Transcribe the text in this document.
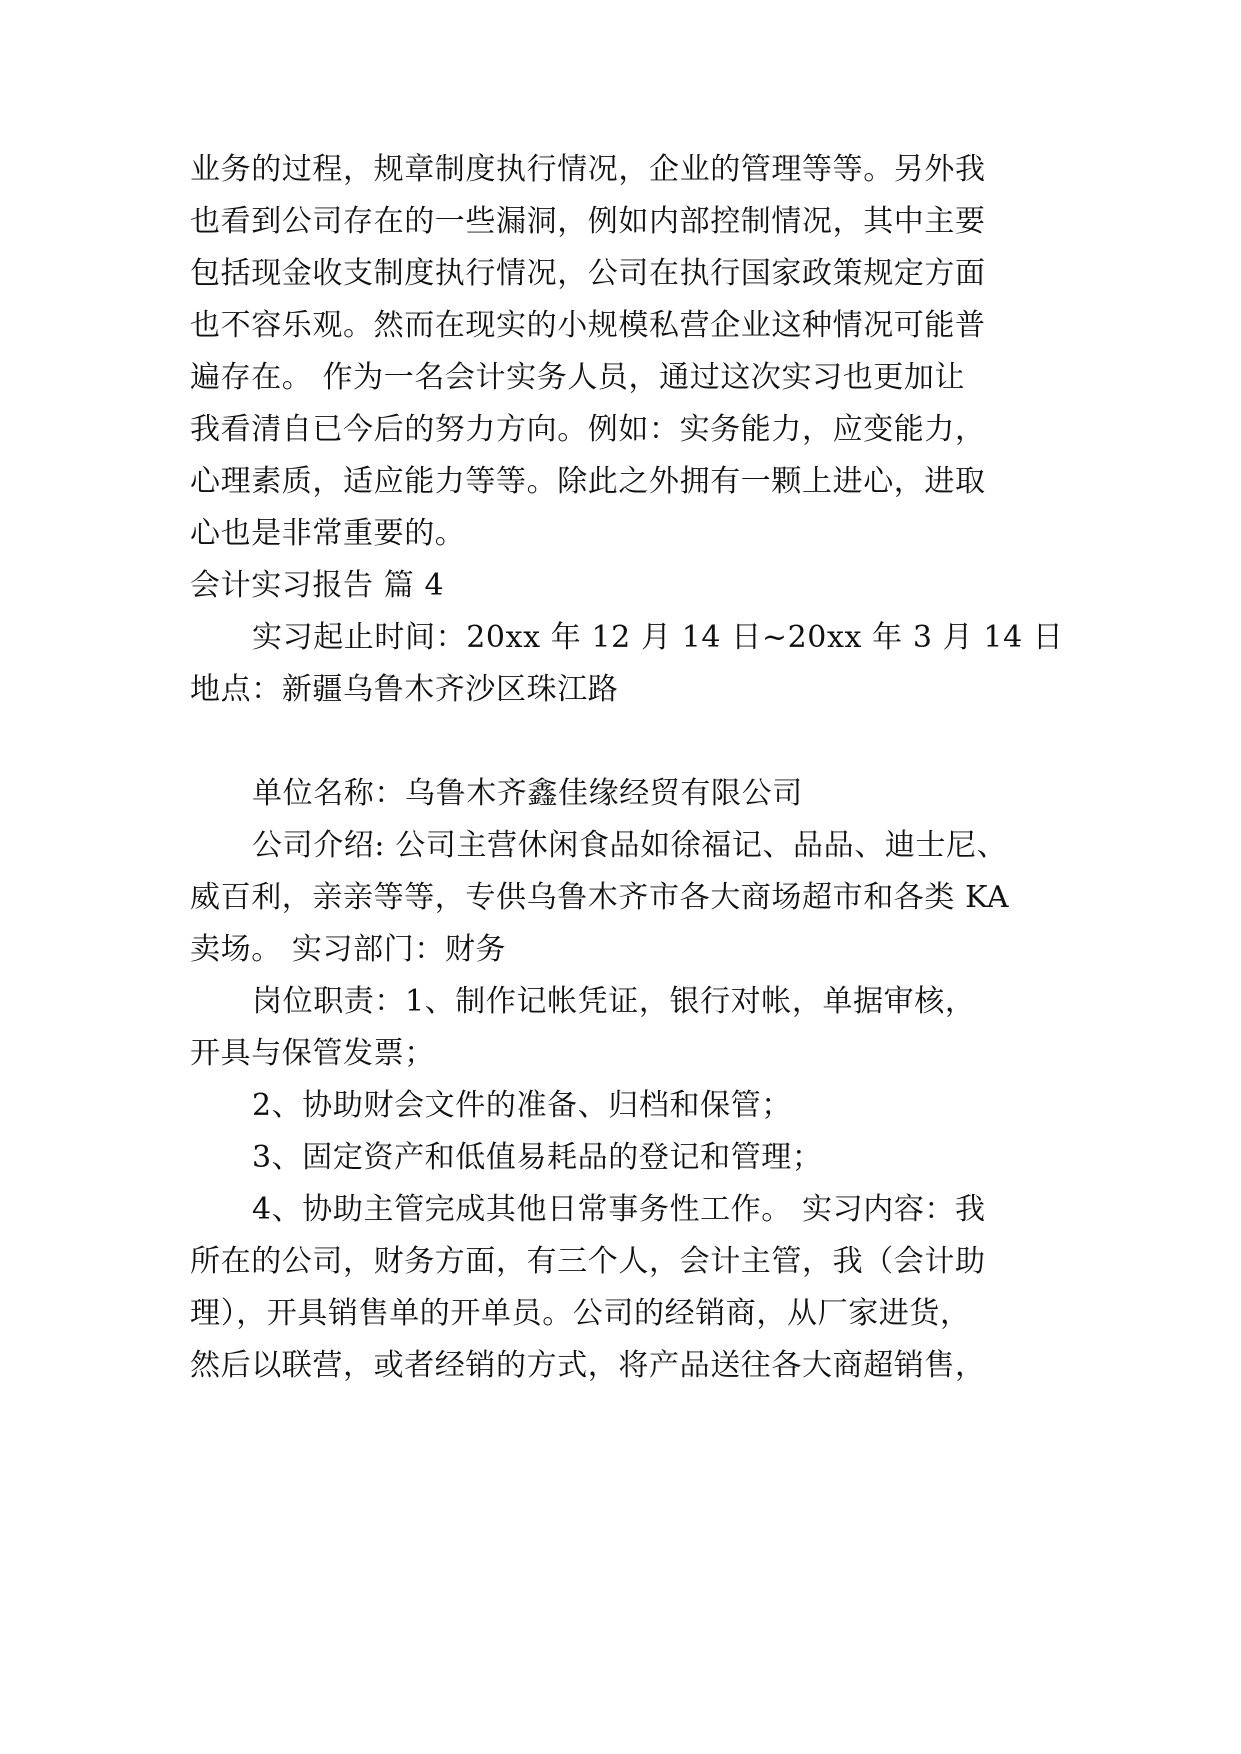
业务的过程，规章制度执行情况，企业的管理等等。另外我
也看到公司存在的一些漏洞，例如内部控制情况，其中主要
包括现金收支制度执行情况，公司在执行国家政策规定方面
也不容乐观。然而在现实的小规模私营企业这种情况可能普
遍存在。 作为一名会计实务人员，通过这次实习也更加让
我看清自已今后的努力方向。例如：实务能力，应变能力，
心理素质，适应能力等等。除此之外拥有一颗上进心，进取
心也是非常重要的。
会计实习报告 篇 4
实习起止时间：20xx 年 12 月 14 日~20xx 年 3 月 14 日
地点：新疆乌鲁木齐沙区珠江路
单位名称：乌鲁木齐鑫佳缘经贸有限公司
公司介绍: 公司主营休闲食品如徐福记、品品、迪士尼、
威百利，亲亲等等，专供乌鲁木齐市各大商场超市和各类 KA
卖场。 实习部门：财务
岗位职责：1、制作记帐凭证，银行对帐，单据审核，
开具与保管发票；
2、协助财会文件的准备、归档和保管；
3、固定资产和低值易耗品的登记和管理；
4、协助主管完成其他日常事务性工作。 实习内容：我
所在的公司，财务方面，有三个人，会计主管，我（会计助
理），开具销售单的开单员。公司的经销商，从厂家进货，
然后以联营，或者经销的方式，将产品送往各大商超销售，
